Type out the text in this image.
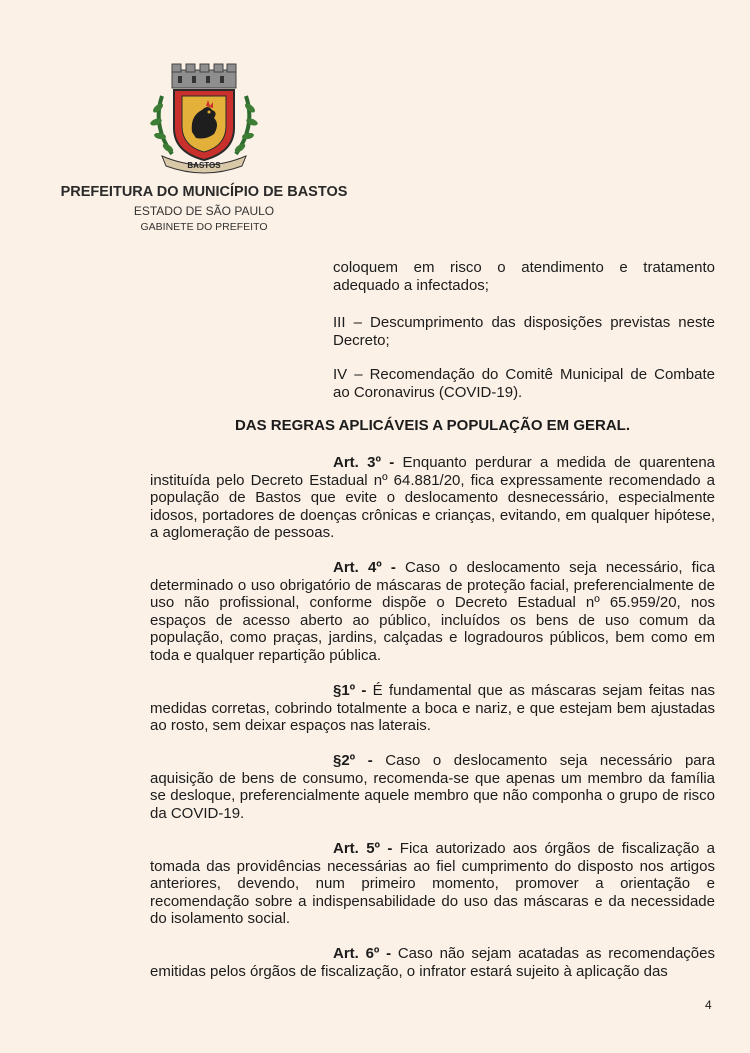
BASTOS
PREFEITURA DO MUNICÍPIO DE BASTOS
ESTADO DE SÃO PAULO
GABINETE DO PREFEITO

coloquem em risco o atendimento e tratamento adequado a infectados;

III – Descumprimento das disposições previstas neste Decreto;

IV – Recomendação do Comitê Municipal de Combate ao Coronavirus (COVID-19).

DAS REGRAS APLICÁVEIS A POPULAÇÃO EM GERAL.

Art. 3º - Enquanto perdurar a medida de quarentena instituída pelo Decreto Estadual nº 64.881/20, fica expressamente recomendado a população de Bastos que evite o deslocamento desnecessário, especialmente idosos, portadores de doenças crônicas e crianças, evitando, em qualquer hipótese, a aglomeração de pessoas.

Art. 4º - Caso o deslocamento seja necessário, fica determinado o uso obrigatório de máscaras de proteção facial, preferencialmente de uso não profissional, conforme dispõe o Decreto Estadual nº 65.959/20, nos espaços de acesso aberto ao público, incluídos os bens de uso comum da população, como praças, jardins, calçadas e logradouros públicos, bem como em toda e qualquer repartição pública.

§1º - É fundamental que as máscaras sejam feitas nas medidas corretas, cobrindo totalmente a boca e nariz, e que estejam bem ajustadas ao rosto, sem deixar espaços nas laterais.

§2º - Caso o deslocamento seja necessário para aquisição de bens de consumo, recomenda-se que apenas um membro da família se desloque, preferencialmente aquele membro que não componha o grupo de risco da COVID-19.

Art. 5º - Fica autorizado aos órgãos de fiscalização a tomada das providências necessárias ao fiel cumprimento do disposto nos artigos anteriores, devendo, num primeiro momento, promover a orientação e recomendação sobre a indispensabilidade do uso das máscaras e da necessidade do isolamento social.

Art. 6º - Caso não sejam acatadas as recomendações emitidas pelos órgãos de fiscalização, o infrator estará sujeito à aplicação das

4
